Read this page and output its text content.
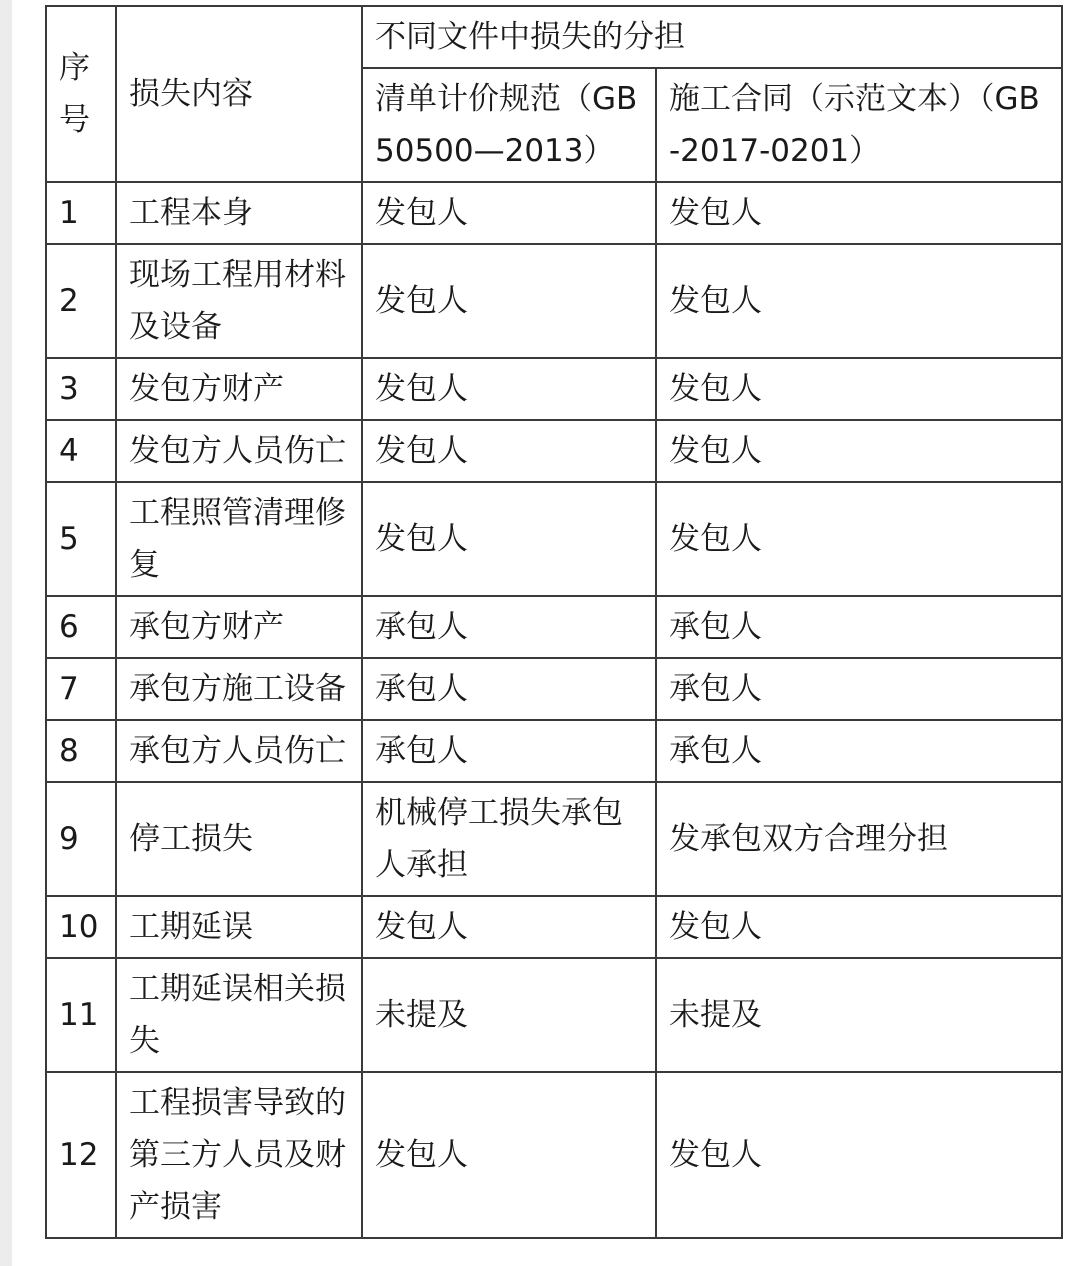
序号	损失内容	不同文件中损失的分担	
		清单计价规范（GB 50500—2013）	施工合同（示范文本）（GB-2017-0201）
1	工程本身	发包人	发包人
2	现场工程用材料及设备	发包人	发包人
3	发包方财产	发包人	发包人
4	发包方人员伤亡	发包人	发包人
5	工程照管清理修复	发包人	发包人
6	承包方财产	承包人	承包人
7	承包方施工设备	承包人	承包人
8	承包方人员伤亡	承包人	承包人
9	停工损失	机械停工损失承包人承担	发承包双方合理分担
10	工期延误	发包人	发包人
11	工期延误相关损失	未提及	未提及
12	工程损害导致的第三方人员及财产损害	发包人	发包人
